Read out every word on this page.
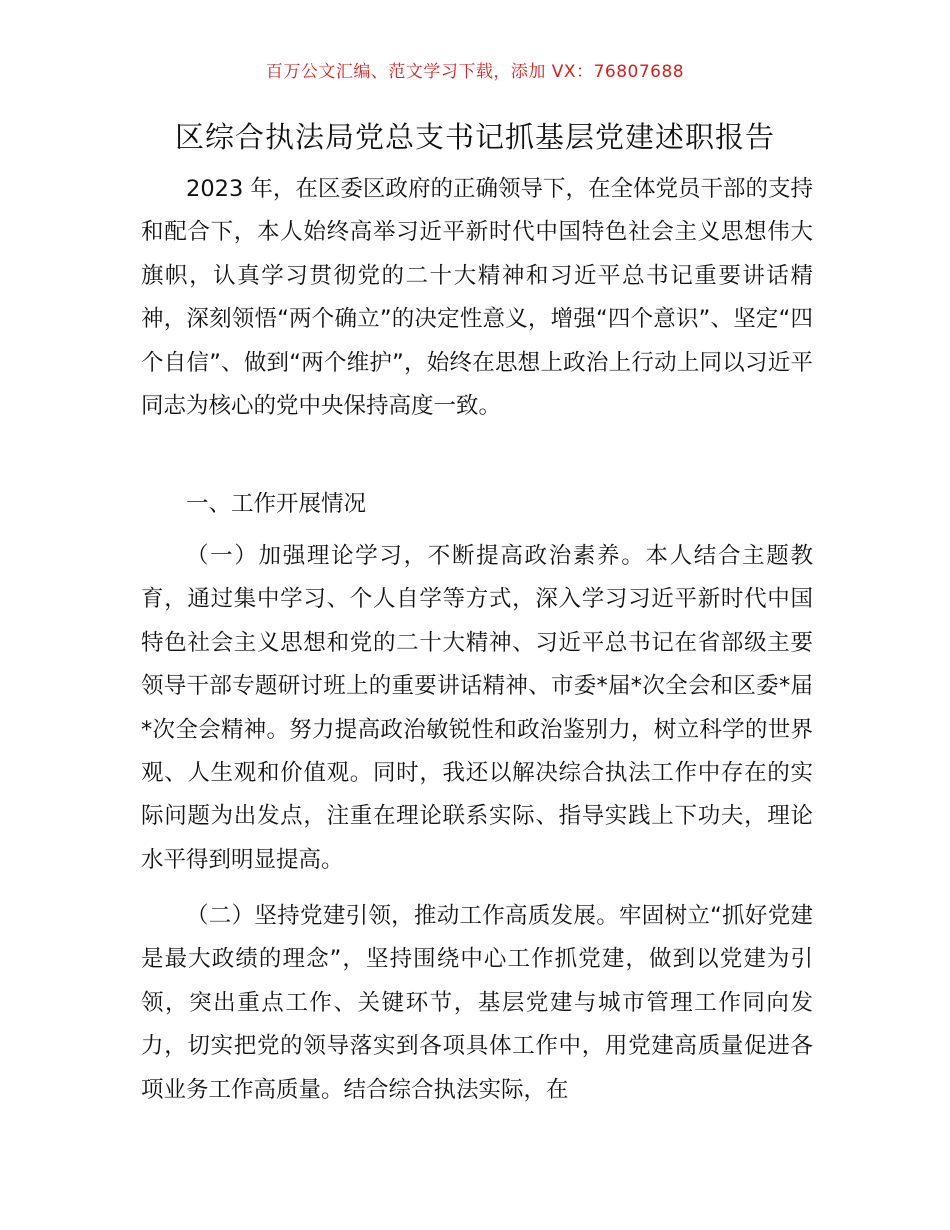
百万公文汇编、范文学习下载，添加 VX：76807688
区综合执法局党总支书记抓基层党建述职报告

2023 年，在区委区政府的正确领导下，在全体党员干部的支持和配合下，本人始终高举习近平新时代中国特色社会主义思想伟大旗帜，认真学习贯彻党的二十大精神和习近平总书记重要讲话精神，深刻领悟“两个确立”的决定性意义，增强“四个意识”、坚定“四个自信”、做到“两个维护”，始终在思想上政治上行动上同以习近平同志为核心的党中央保持高度一致。

一、工作开展情况

（一）加强理论学习，不断提高政治素养。本人结合主题教育，通过集中学习、个人自学等方式，深入学习习近平新时代中国特色社会主义思想和党的二十大精神、习近平总书记在省部级主要领导干部专题研讨班上的重要讲话精神、市委*届*次全会和区委*届*次全会精神。努力提高政治敏锐性和政治鉴别力，树立科学的世界观、人生观和价值观。同时，我还以解决综合执法工作中存在的实际问题为出发点，注重在理论联系实际、指导实践上下功夫，理论水平得到明显提高。

（二）坚持党建引领，推动工作高质发展。牢固树立“抓好党建是最大政绩的理念”，坚持围绕中心工作抓党建，做到以党建为引领，突出重点工作、关键环节，基层党建与城市管理工作同向发力，切实把党的领导落实到各项具体工作中，用党建高质量促进各项业务工作高质量。结合综合执法实际，在
